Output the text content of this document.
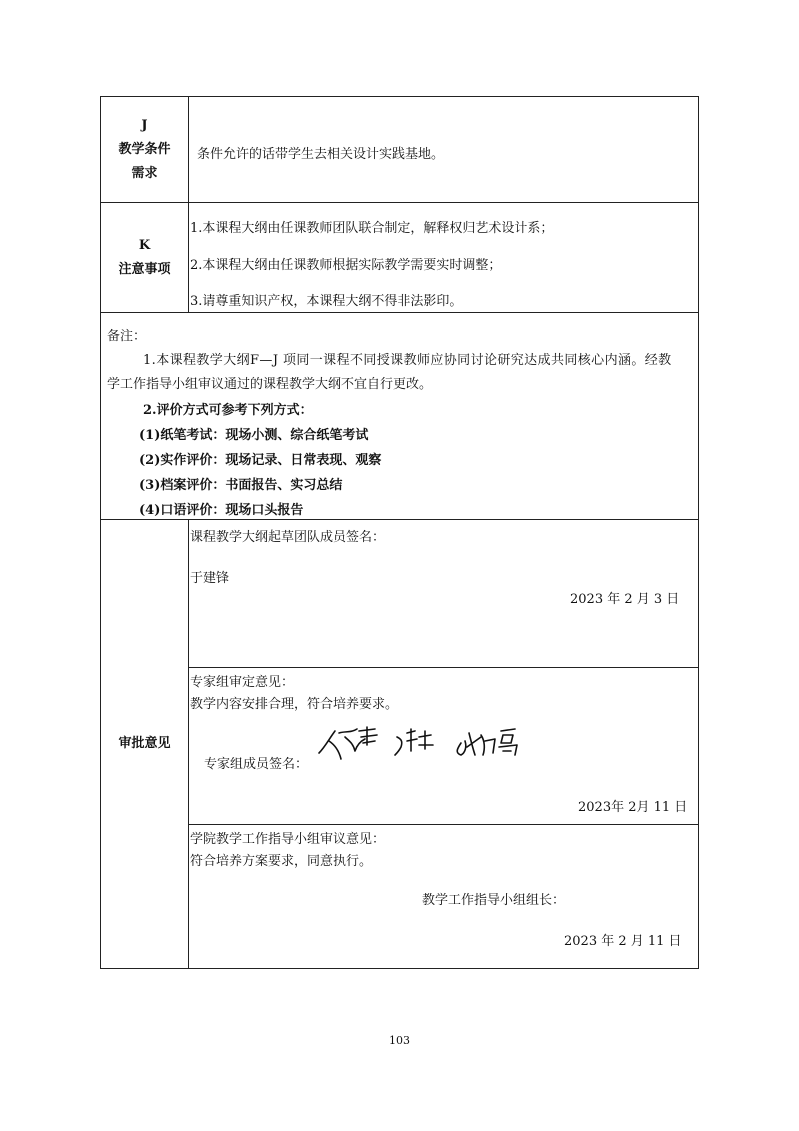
J
教学条件
需求
条件允许的话带学生去相关设计实践基地。
K
注意事项
1.本课程大纲由任课教师团队联合制定，解释权归艺术设计系；
2.本课程大纲由任课教师根据实际教学需要实时调整；
3.请尊重知识产权，本课程大纲不得非法影印。
备注：
1.本课程教学大纲F—J 项同一课程不同授课教师应协同讨论研究达成共同核心内涵。经教
学工作指导小组审议通过的课程教学大纲不宜自行更改。
2.评价方式可参考下列方式：
(1)纸笔考试：现场小测、综合纸笔考试
(2)实作评价：现场记录、日常表现、观察
(3)档案评价：书面报告、实习总结
(4)口语评价：现场口头报告
审批意见
课程教学大纲起草团队成员签名：
于建锋
2023 年 2 月 3 日
专家组审定意见：
教学内容安排合理，符合培养要求。
专家组成员签名：
2023年 2月 11 日
学院教学工作指导小组审议意见：
符合培养方案要求，同意执行。
教学工作指导小组组长：
2023 年 2 月 11 日
103
